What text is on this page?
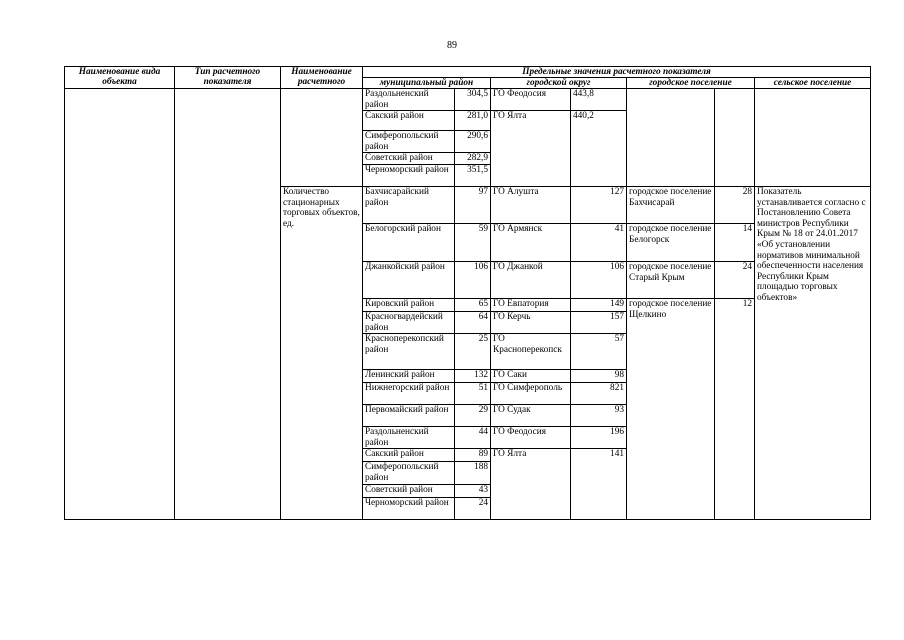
89
Наименование вида объекта	Тип расчетного показателя	Наименование расчетного	Предельные значения расчетного показателя						
			муниципальный район		городской округ		городское поселение		сельское поселение
			Раздольненский район	304,5	ГО Феодосия	443,8			
			Сакский район	281,0	ГО Ялта	440,2			
			Симферопольский район	290,6					
			Советский район	282,9					
			Черноморский район	351,5					
		Количество стационарных торговых объектов, ед.	Бахчисарайский район	97	ГО Алушта	127	городское поселение Бахчисарай	28	Показатель устанавливается согласно с Постановлению Совета министров Республики Крым № 18 от 24.01.2017 «Об установлении нормативов минимальной обеспеченности населения Республики Крым площадью торговых объектов»
			Белогорский район	59	ГО Армянск	41	городское поселение Белогорск	14	
			Джанкойский район	106	ГО Джанкой	106	городское поселение Старый Крым	24	
			Кировский район	65	ГО Евпатория	149	городское поселение Щелкино	12	
			Красногвардейский район	64	ГО Керчь	157			
			Красноперекопский район	25	ГО Красноперекопск	57			
			Ленинский район	132	ГО Саки	98			
			Нижнегорский район	51	ГО Симферополь	821			
			Первомайский район	29	ГО Судак	93			
			Раздольненский район	44	ГО Феодосия	196			
			Сакский район	89	ГО Ялта	141			
			Симферопольский район	188					
			Советский район	43					
			Черноморский район	24					
